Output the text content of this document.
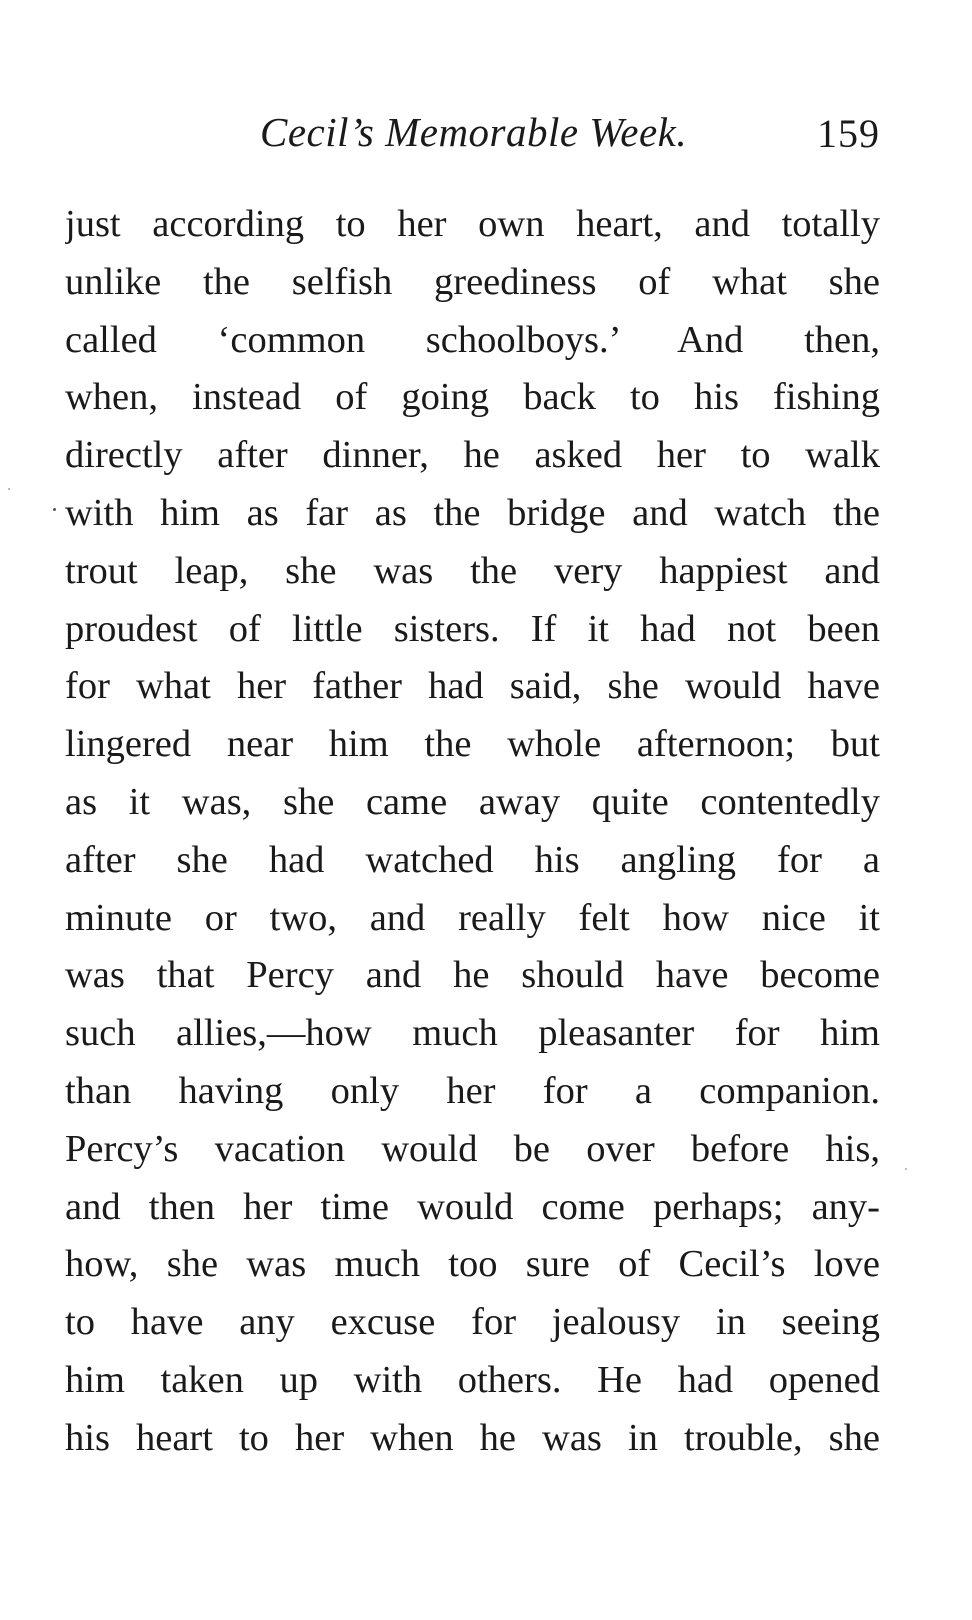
Cecil’s Memorable Week.	159
just according to her own heart, and totally
unlike the selfish greediness of what she
called ‘common schoolboys.’ And then,
when, instead of going back to his fishing
directly after dinner, he asked her to walk
with him as far as the bridge and watch the
trout leap, she was the very happiest and
proudest of little sisters. If it had not been
for what her father had said, she would have
lingered near him the whole afternoon; but
as it was, she came away quite contentedly
after she had watched his angling for a
minute or two, and really felt how nice it
was that Percy and he should have become
such allies,—how much pleasanter for him
than having only her for a companion.
Percy’s vacation would be over before his,
and then her time would come perhaps; any-
how, she was much too sure of Cecil’s love
to have any excuse for jealousy in seeing
him taken up with others. He had opened
his heart to her when he was in trouble, she
